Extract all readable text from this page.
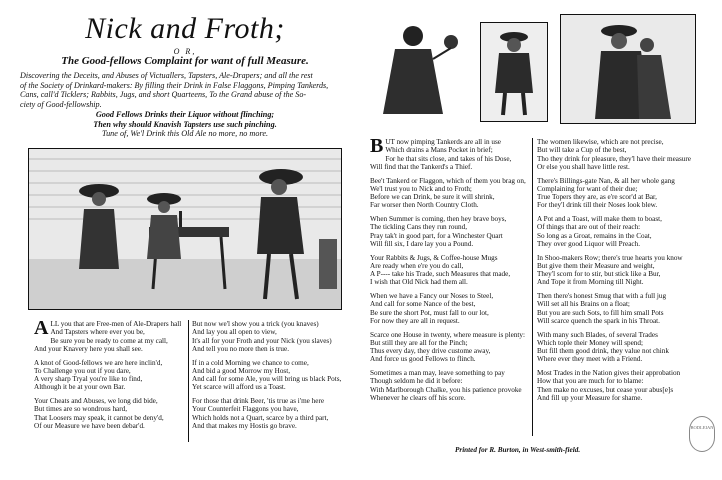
Nick and Froth;
O R,
The Good-fellows Complaint for want of full Measure.
Discovering the Deceits, and Abuses of Victuallers, Tapsters, Ale-Drapers; and all the rest
of the Society of Drinkard-makers: By filling their Drink in False Flaggons, Pimping Tankerds,
Cans, call'd Ticklers; Rabbits, Jugs, and short Quarteens, To the Grand abuse of the So-
ciety of Good-fellowship.
Good Fellows Drinks their Liquor without flinching;
Then why should Knavish Tapsters use such pinching.
Tune of, We'l Drink this Old Ale no more, no more.
A LL you that are Free-men of Ale-Drapers hall
And Tapsters where ever you be,
Be sure you be ready to come at my call,
And your Knavery here you shall see.
A knot of Good-fellows we are here inclin'd,
To Challenge you out if you dare,
A very sharp Tryal you're like to find,
Although it be at your own Bar.
Your Cheats and Abuses, we long did bide,
But times are so wondrous hard,
That Loosers may speak, it cannot be deny'd,
Of our Measure we have been debar'd.
But now we'l show you a trick (you knaves)
And lay you all open to view,
It's all for your Froth and your Nick (you slaves)
And tell you no more then is true.
If in a cold Morning we chance to come,
And bid a good Morrow my Host,
And call for some Ale, you will bring us black Pots,
Yet scarce will afford us a Toast.
For those that drink Beer, 'tis true as i'me here
Your Counterfeit Flaggons you have,
Which holds not a Quart, scarce by a third part,
And that makes my Hostis go brave.
B UT now pimping Tankerds are all in use
Which drains a Mans Pocket in brief;
For he that sits close, and takes of his Dose,
Will find that the Tankerd's a Thief.
Bee't Tankerd or Flaggon, which of them you brag on,
We'l trust you to Nick and to Froth;
Before we can Drink, be sure it will shrink,
Far worser then North Country Cloth.
When Summer is coming, then hey brave boys,
The tickling Cans they run round,
Pray tak't in good part, for a Winchester Quart
Will fill six, I dare lay you a Pound.
Your Rabbits & Jugs, & Coffee-house Mugs
Are ready when e're you do call,
A P---- take his Trade, such Measures that made,
I wish that Old Nick had them all.
When we have a Fancy our Noses to Steel,
And call for some Nance of the best,
Be sure the short Pot, must fall to our lot,
For now they are all in request.
Scarce one House in twenty, where measure is plenty:
But still they are all for the Pinch;
Thus every day, they drive custome away,
And force us good Fellows to flinch.
Sometimes a man may, leave something to pay
Though seldom he did it before:
With Marlborough Chalke, you his patience provoke
Whenever he clears off his score.
The women likewise, which are not precise,
But will take a Cup of the best,
Tho they drink for pleasure, they'l have their measure
Or else you shall have little rest.
There's Billings-gate Nan, & all her whole gang
Complaining for want of their due;
True Topers they are, as e're scor'd at Bar,
For they'l drink till their Noses look blew.
A Pot and a Toast, will make them to boast,
Of things that are out of their reach:
So long as a Groat, remains in the Coat,
They over good Liquor will Preach.
In Shoo-makers Row; there's true hearts you know
But give them their Measure and weight,
They'l scorn for to stir, but stick like a Bur,
And Tope it from Morning till Night.
Then there's honest Smug that with a full jug
Will set all his Brains on a float;
But you are such Sots, to fill him small Pots
Will scarce quench the spark in his Throat.
With many such Blades, of several Trades
Which tople their Money will spend;
But fill them good drink, they value not chink
Where ever they meet with a Friend.
Most Trades in the Nation gives their approbation
How that you are much for to blame:
Then make no excuses, but cease your abus[e]s
And fill up your Measure for shame.
Printed for R. Burton, in West-smith-field.
BODLEIAN
